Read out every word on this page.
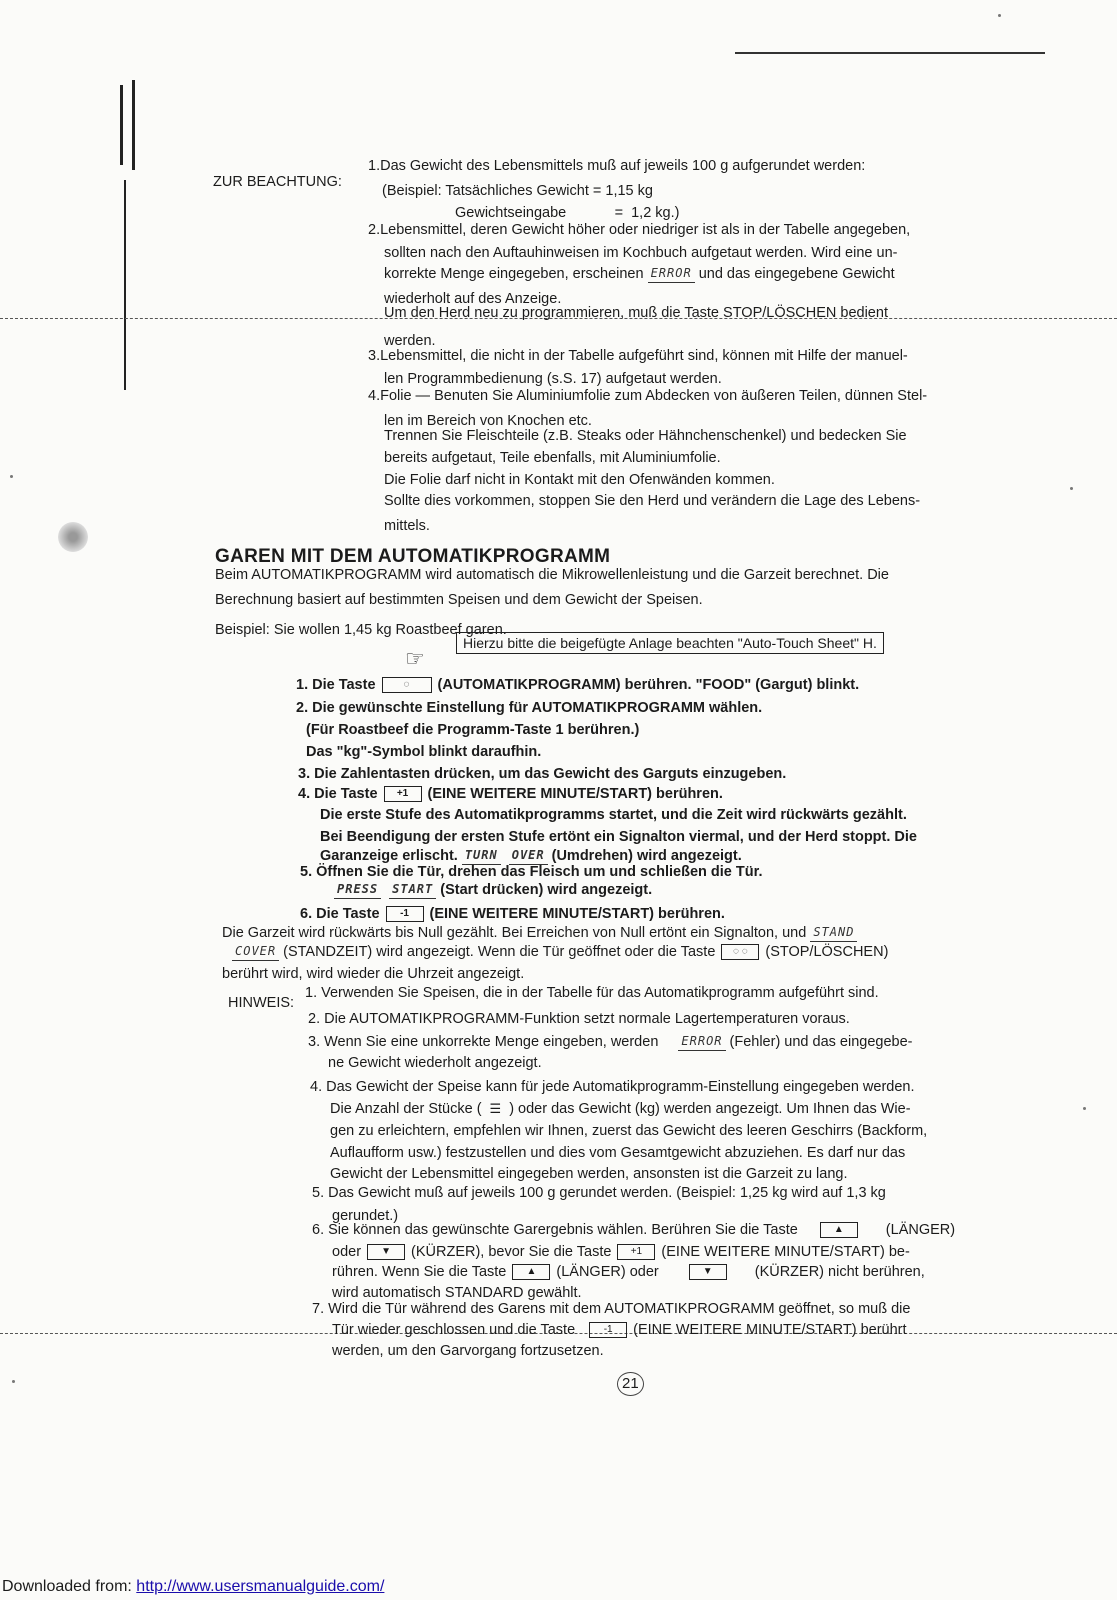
ZUR BEACHTUNG:
1.Das Gewicht des Lebensmittels muß auf jeweils 100 g aufgerundet werden:
(Beispiel: Tatsächliches Gewicht = 1,15 kg
Gewichtseingabe            =  1,2 kg.)
2.Lebensmittel, deren Gewicht höher oder niedriger ist als in der Tabelle angegeben,
sollten nach den Auftauhinweisen im Kochbuch aufgetaut werden. Wird eine un-
korrekte Menge eingegeben, erscheinen ERROR und das eingegebene Gewicht
wiederholt auf des Anzeige.
Um den Herd neu zu programmieren, muß die Taste STOP/LÖSCHEN bedient
werden.
3.Lebensmittel, die nicht in der Tabelle aufgeführt sind, können mit Hilfe der manuel-
len Programmbedienung (s.S. 17) aufgetaut werden.
4.Folie — Benuten Sie Aluminiumfolie zum Abdecken von äußeren Teilen, dünnen Stel-
len im Bereich von Knochen etc.
Trennen Sie Fleischteile (z.B. Steaks oder Hähnchenschenkel) und bedecken Sie
bereits aufgetaut, Teile ebenfalls, mit Aluminiumfolie.
Die Folie darf nicht in Kontakt mit den Ofenwänden kommen.
Sollte dies vorkommen, stoppen Sie den Herd und verändern die Lage des Lebens-
mittels.
GAREN MIT DEM AUTOMATIKPROGRAMM
Beim AUTOMATIKPROGRAMM wird automatisch die Mikrowellenleistung und die Garzeit berechnet. Die
Berechnung basiert auf bestimmten Speisen und dem Gewicht der Speisen.
Beispiel: Sie wollen 1,45 kg Roastbeef garen.
☞
Hierzu bitte die beigefügte Anlage beachten "Auto-Touch Sheet" H.
1. Die Taste	◌ (AUTOMATIKPROGRAMM) berühren. "FOOD" (Gargut) blinkt.
2. Die gewünschte Einstellung für AUTOMATIKPROGRAMM wählen.
(Für Roastbeef die Programm-Taste 1 berühren.)
Das "kg"-Symbol blinkt daraufhin.
3. Die Zahlentasten drücken, um das Gewicht des Garguts einzugeben.
4. Die Taste +1 (EINE WEITERE MINUTE/START) berühren.
Die erste Stufe des Automatikprogramms startet, und die Zeit wird rückwärts gezählt.
Bei Beendigung der ersten Stufe ertönt ein Signalton viermal, und der Herd stoppt. Die
Garanzeige erlischt. TURN OVER (Umdrehen) wird angezeigt.
5. Öffnen Sie die Tür, drehen das Fleisch um und schließen die Tür.
PRESS START (Start drücken) wird angezeigt.
6. Die Taste -1 (EINE WEITERE MINUTE/START) berühren.
Die Garzeit wird rückwärts bis Null gezählt. Bei Erreichen von Null ertönt ein Signalton, und STAND
COVER (STANDZEIT) wird angezeigt. Wenn die Tür geöffnet oder die Taste ◌ ◌ (STOP/LÖSCHEN)
berührt wird, wird wieder die Uhrzeit angezeigt.
HINWEIS:
1. Verwenden Sie Speisen, die in der Tabelle für das Automatikprogramm aufgeführt sind.
2. Die AUTOMATIKPROGRAMM-Funktion setzt normale Lagertemperaturen voraus.
3. Wenn Sie eine unkorrekte Menge eingeben, werden ERROR (Fehler) und das eingegebe-
ne Gewicht wiederholt angezeigt.
4. Das Gewicht der Speise kann für jede Automatikprogramm-Einstellung eingegeben werden.
Die Anzahl der Stücke ( ☰ ) oder das Gewicht (kg) werden angezeigt. Um Ihnen das Wie-
gen zu erleichtern, empfehlen wir Ihnen, zuerst das Gewicht des leeren Geschirrs (Backform,
Auflaufform usw.) festzustellen und dies vom Gesamtgewicht abzuziehen. Es darf nur das
Gewicht der Lebensmittel eingegeben werden, ansonsten ist die Garzeit zu lang.
5. Das Gewicht muß auf jeweils 100 g gerundet werden. (Beispiel: 1,25 kg wird auf 1,3 kg
gerundet.)
6. Sie können das gewünschte Garergebnis wählen. Berühren Sie die Taste	▲	(LÄNGER)
oder ▼ (KÜRZER), bevor Sie die Taste +1 (EINE WEITERE MINUTE/START) be-
rühren. Wenn Sie die Taste ▲ (LÄNGER) oder	▼	(KÜRZER) nicht berühren,
wird automatisch STANDARD gewählt.
7. Wird die Tür während des Garens mit dem AUTOMATIKPROGRAMM geöffnet, so muß die
Tür wieder geschlossen und die Taste	-1 (EINE WEITERE MINUTE/START) berührt
werden, um den Garvorgang fortzusetzen.
21
Downloaded from: http://www.usersmanualguide.com/
